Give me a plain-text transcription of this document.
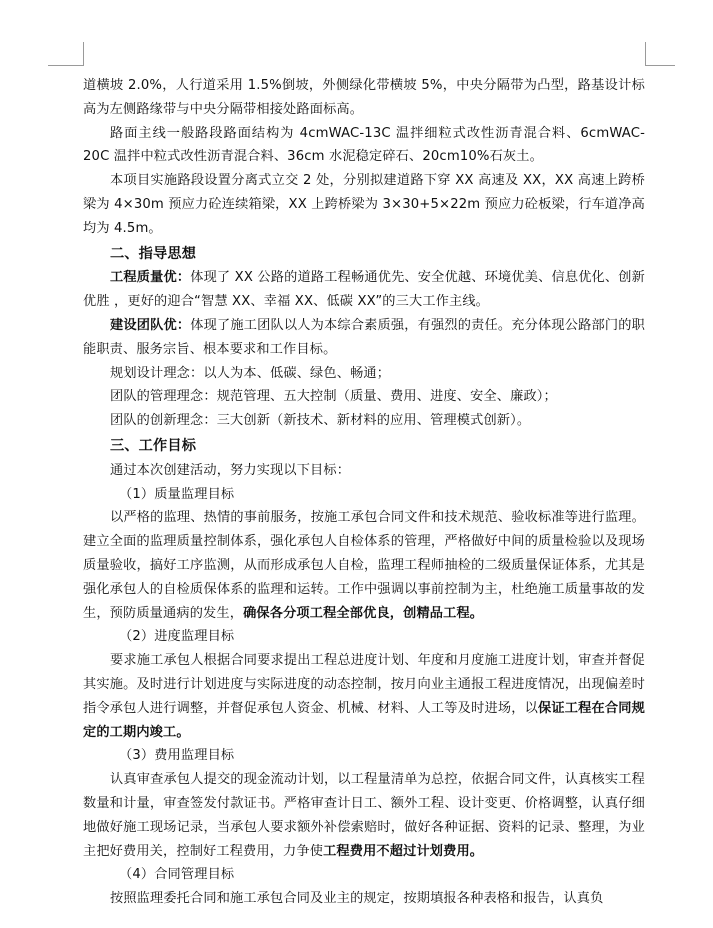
道横坡 2.0%，人行道采用 1.5%倒坡，外侧绿化带横坡 5%，中央分隔带为凸型，路基设计标高为左侧路缘带与中央分隔带相接处路面标高。

路面主线一般路段路面结构为 4cmWAC-13C 温拌细粒式改性沥青混合料、6cmWAC-20C 温拌中粒式改性沥青混合料、36cm 水泥稳定碎石、20cm10%石灰土。

本项目实施路段设置分离式立交 2 处，分别拟建道路下穿 XX 高速及 XX，XX 高速上跨桥梁为 4×30m 预应力砼连续箱梁，XX 上跨桥梁为 3×30+5×22m 预应力砼板梁，行车道净高均为 4.5m。

二、指导思想

工程质量优：体现了 XX 公路的道路工程畅通优先、安全优越、环境优美、信息优化、创新优胜 ，更好的迎合“智慧 XX、幸福 XX、低碳 XX”的三大工作主线。

建设团队优：体现了施工团队以人为本综合素质强，有强烈的责任。充分体现公路部门的职能职责、服务宗旨、根本要求和工作目标。

规划设计理念：以人为本、低碳、绿色、畅通；

团队的管理理念：规范管理、五大控制（质量、费用、进度、安全、廉政）；

团队的创新理念：三大创新（新技术、新材料的应用、管理模式创新）。

三、工作目标

通过本次创建活动，努力实现以下目标：

（1）质量监理目标

以严格的监理、热情的事前服务，按施工承包合同文件和技术规范、验收标准等进行监理。建立全面的监理质量控制体系，强化承包人自检体系的管理，严格做好中间的质量检验以及现场质量验收，搞好工序监测，从而形成承包人自检，监理工程师抽检的二级质量保证体系，尤其是强化承包人的自检质保体系的监理和运转。工作中强调以事前控制为主，杜绝施工质量事故的发生，预防质量通病的发生，确保各分项工程全部优良，创精品工程。

（2）进度监理目标

要求施工承包人根据合同要求提出工程总进度计划、年度和月度施工进度计划，审查并督促其实施。及时进行计划进度与实际进度的动态控制，按月向业主通报工程进度情况，出现偏差时指令承包人进行调整，并督促承包人资金、机械、材料、人工等及时进场，以保证工程在合同规定的工期内竣工。

（3）费用监理目标

认真审查承包人提交的现金流动计划，以工程量清单为总控，依据合同文件，认真核实工程数量和计量，审查签发付款证书。严格审查计日工、额外工程、设计变更、价格调整，认真仔细地做好施工现场记录，当承包人要求额外补偿索赔时，做好各种证据、资料的记录、整理，为业主把好费用关，控制好工程费用，力争使工程费用不超过计划费用。

（4）合同管理目标

按照监理委托合同和施工承包合同及业主的规定，按期填报各种表格和报告，认真负
